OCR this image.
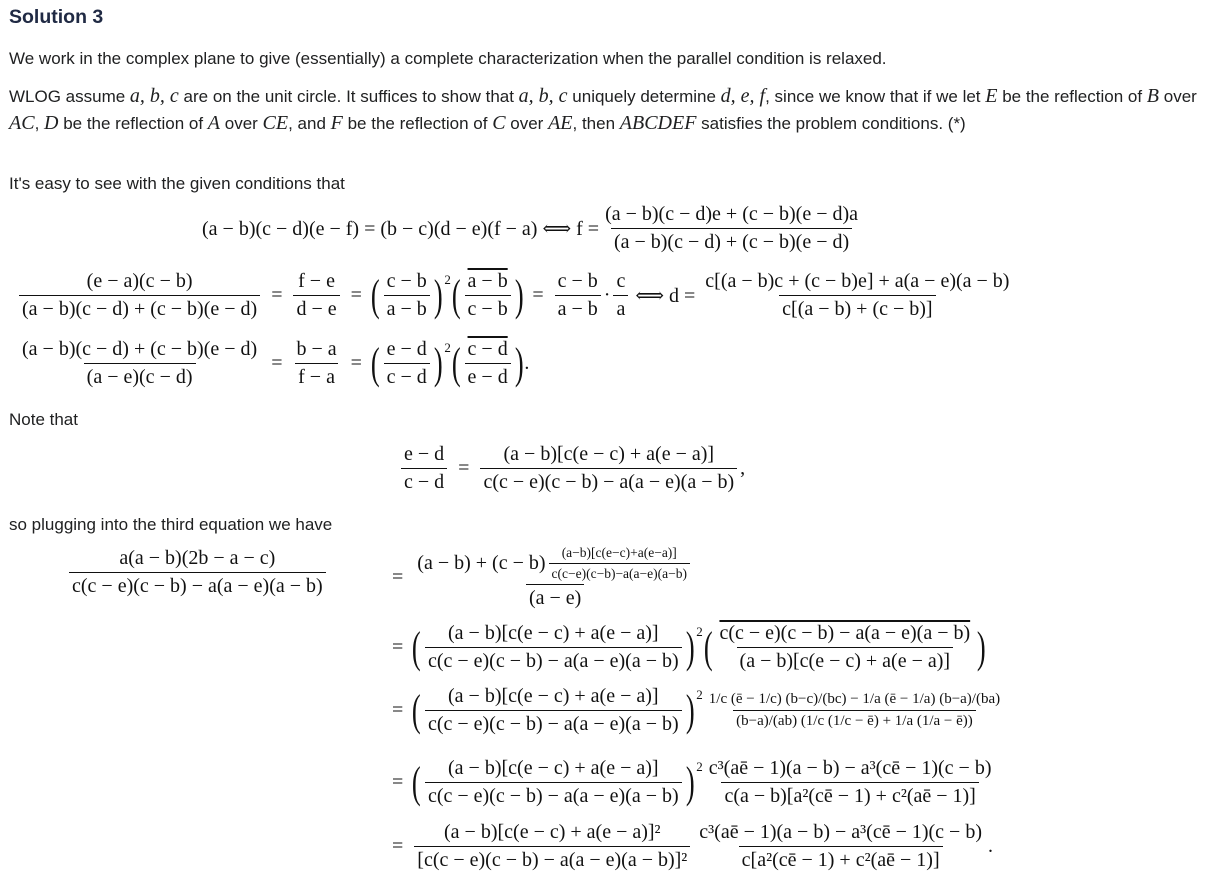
Solution 3

We work in the complex plane to give (essentially) a complete characterization when the parallel condition is relaxed.

WLOG assume a, b, c are on the unit circle. It suffices to show that a, b, c uniquely determine d, e, f, since we know that if we let E be the reflection of B over AC, D be the reflection of A over CE, and F be the reflection of C over AE, then ABCDEF satisfies the problem conditions. (*)

It's easy to see with the given conditions that

(a − b)(c − d)(e − f) = (b − c)(d − e)(f − a) ⟺ $f = \frac{(a - b)(c - d)e + (c - b)(e - d)a}{(a - b)(c - d) + (c - b)(e - d)}$
$\frac{(e - a)(c - b)}{(a - b)(c - d) + (c - b)(e - d)} = \frac{f - e}{d - e}$ = ( $\frac{c - b}{a - b}$ ) 2 ( $\frac{a - b}{c - b}$ ) = $\frac{c - b}{a - b} \cdot \frac{c}{a}$ ⟺ $d = \frac{c[(a - b)c + (c - b)e] + a(a - e)(a - b)}{c[(a - b) + (c - b)]}$
$\frac{(a - b)(c - d) + (c - b)(e - d)}{(a - e)(c - d)} = \frac{b - a}{f - a}$ = ( $\frac{e - d}{c - d}$ ) 2 ( $\frac{c - d}{e - d}$ ) .

Note that

$\frac{e - d}{c - d} = \frac{(a - b)[c(e - c) + a(e - a)]}{c(c - e)(c - b) - a(a - e)(a - b)}$ ,

so plugging into the third equation we have

$\frac{a(a - b)(2b - a - c)}{c(c - e)(c - b) - a(a - e)(a - b)}$	=
$(a - b) + (c - b) \frac{(a-b)[c(e-c)+a(e-a)]}{c(c-e)(c-b)-a(a-e)(a-b)}$
(a − e)
= ( $\frac{(a - b)[c(e - c) + a(e - a)]}{c(c - e)(c - b) - a(a - e)(a - b)}$ ) 2 ( $\frac{c(c - e)(c - b) - a(a - e)(a - b)}{(a - b)[c(e - c) + a(e - a)]}$ )
= ( $\frac{(a - b)[c(e - c) + a(e - a)]}{c(c - e)(c - b) - a(a - e)(a - b)}$ ) $2 \frac{1/c (ē - 1/c) (b-c)/(bc) - 1/a (ē - 1/a) (b-a)/(ba)}{(b-a)/(ab) (1/c (1/c - ē) + 1/a (1/a - ē))}$
= ( $\frac{(a - b)[c(e - c) + a(e - a)]}{c(c - e)(c - b) - a(a - e)(a - b)}$ ) $2 \frac{\text{c³(aē − 1)(a − b) − a³(cē − 1)(c − b)}}{\text{c(a − b)[a²(cē − 1) + c²(aē − 1)]}}$
= $\frac{\text{(a − b)[c(e − c) + a(e − a)]²}}{\text{[c(c − e)(c − b) − a(a − e)(a − b)]²}} \frac{\text{c³(aē − 1)(a − b) − a³(cē − 1)(c − b)}}{\text{c[a²(cē − 1) + c²(aē − 1)]}}$ .
